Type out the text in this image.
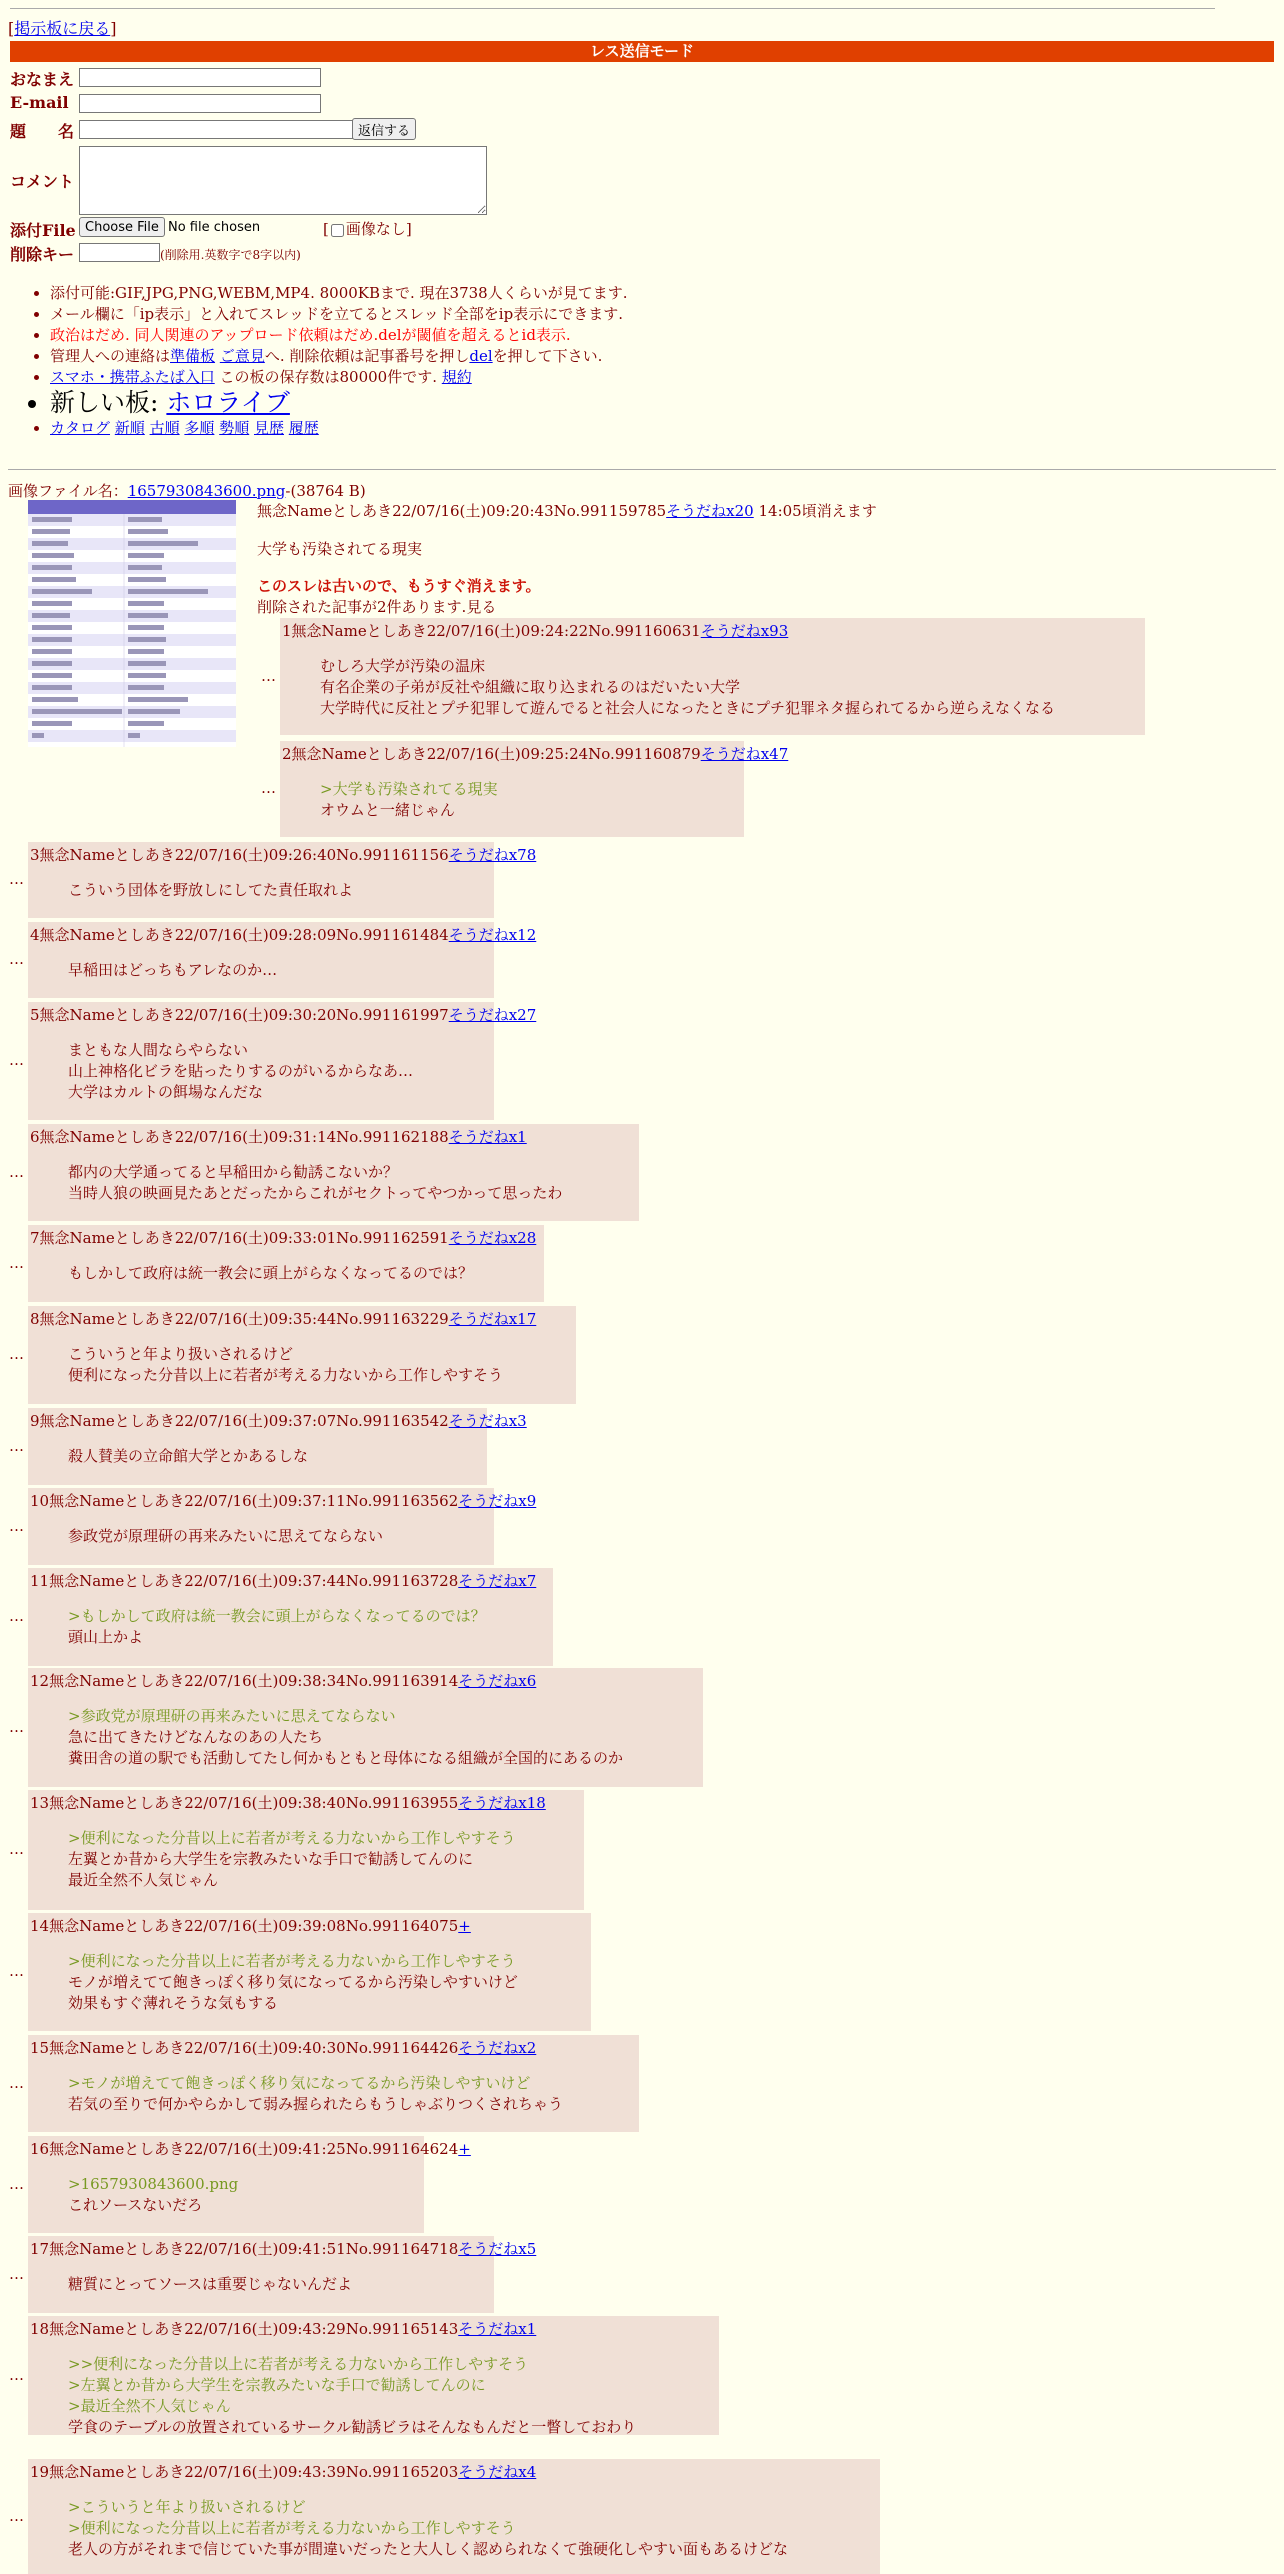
[掲示板に戻る]
レス送信モード
おなまえ
E-mail
題　　名	返信する
コメント
添付File Choose File No file chosen	[ 画像なし]
削除キー	(削除用.英数字で8字以内)
• 添付可能:GIF,JPG,PNG,WEBM,MP4. 8000KBまで. 現在3738人くらいが見てます.
• メール欄に「ip表示」と入れてスレッドを立てるとスレッド全部をip表示にできます.
• 政治はだめ. 同人関連のアップロード依頼はだめ.delが閾値を超えるとid表示.
• 管理人への連絡は準備板 ご意見へ. 削除依頼は記事番号を押しdelを押して下さい.
• スマホ・携帯ふたば入口 この板の保存数は80000件です. 規約
• 新しい板: ホロライブ
• カタログ 新順 古順 多順 勢順 見歴 履歴
画像ファイル名：1657930843600.png-(38764 B)
無念Nameとしあき22/07/16(土)09:20:43No.991159785そうだねx20 14:05頃消えます
大学も汚染されてる現実
このスレは古いので、もうすぐ消えます。
削除された記事が2件あります.見る
…
1無念Nameとしあき22/07/16(土)09:24:22No.991160631そうだねx93
むしろ大学が汚染の温床
有名企業の子弟が反社や組織に取り込まれるのはだいたい大学
大学時代に反社とプチ犯罪して遊んでると社会人になったときにプチ犯罪ネタ握られてるから逆らえなくなる
…
2無念Nameとしあき22/07/16(土)09:25:24No.991160879そうだねx47
>大学も汚染されてる現実
オウムと一緒じゃん
…
3無念Nameとしあき22/07/16(土)09:26:40No.991161156そうだねx78
こういう団体を野放しにしてた責任取れよ
…
4無念Nameとしあき22/07/16(土)09:28:09No.991161484そうだねx12
早稲田はどっちもアレなのか…
…
5無念Nameとしあき22/07/16(土)09:30:20No.991161997そうだねx27
まともな人間ならやらない
山上神格化ビラを貼ったりするのがいるからなあ…
大学はカルトの餌場なんだな
…
6無念Nameとしあき22/07/16(土)09:31:14No.991162188そうだねx1
都内の大学通ってると早稲田から勧誘こないか？
当時人狼の映画見たあとだったからこれがセクトってやつかって思ったわ
…
7無念Nameとしあき22/07/16(土)09:33:01No.991162591そうだねx28
もしかして政府は統一教会に頭上がらなくなってるのでは？
…
8無念Nameとしあき22/07/16(土)09:35:44No.991163229そうだねx17
こういうと年より扱いされるけど
便利になった分昔以上に若者が考える力ないから工作しやすそう
…
9無念Nameとしあき22/07/16(土)09:37:07No.991163542そうだねx3
殺人賛美の立命館大学とかあるしな
…
10無念Nameとしあき22/07/16(土)09:37:11No.991163562そうだねx9
参政党が原理研の再来みたいに思えてならない
…
11無念Nameとしあき22/07/16(土)09:37:44No.991163728そうだねx7
>もしかして政府は統一教会に頭上がらなくなってるのでは？
頭山上かよ
…
12無念Nameとしあき22/07/16(土)09:38:34No.991163914そうだねx6
>参政党が原理研の再来みたいに思えてならない
急に出てきたけどなんなのあの人たち
糞田舎の道の駅でも活動してたし何かもともと母体になる組織が全国的にあるのか
…
13無念Nameとしあき22/07/16(土)09:38:40No.991163955そうだねx18
>便利になった分昔以上に若者が考える力ないから工作しやすそう
左翼とか昔から大学生を宗教みたいな手口で勧誘してんのに
最近全然不人気じゃん
…
14無念Nameとしあき22/07/16(土)09:39:08No.991164075+
>便利になった分昔以上に若者が考える力ないから工作しやすそう
モノが増えてて飽きっぽく移り気になってるから汚染しやすいけど
効果もすぐ薄れそうな気もする
…
15無念Nameとしあき22/07/16(土)09:40:30No.991164426そうだねx2
>モノが増えてて飽きっぽく移り気になってるから汚染しやすいけど
若気の至りで何かやらかして弱み握られたらもうしゃぶりつくされちゃう
…
16無念Nameとしあき22/07/16(土)09:41:25No.991164624+
>1657930843600.png
これソースないだろ
…
17無念Nameとしあき22/07/16(土)09:41:51No.991164718そうだねx5
糖質にとってソースは重要じゃないんだよ
…
18無念Nameとしあき22/07/16(土)09:43:29No.991165143そうだねx1
>>便利になった分昔以上に若者が考える力ないから工作しやすそう
>左翼とか昔から大学生を宗教みたいな手口で勧誘してんのに
>最近全然不人気じゃん
学食のテーブルの放置されているサークル勧誘ビラはそんなもんだと一瞥しておわり
…
19無念Nameとしあき22/07/16(土)09:43:39No.991165203そうだねx4
>こういうと年より扱いされるけど
>便利になった分昔以上に若者が考える力ないから工作しやすそう
老人の方がそれまで信じていた事が間違いだったと大人しく認められなくて強硬化しやすい面もあるけどな
